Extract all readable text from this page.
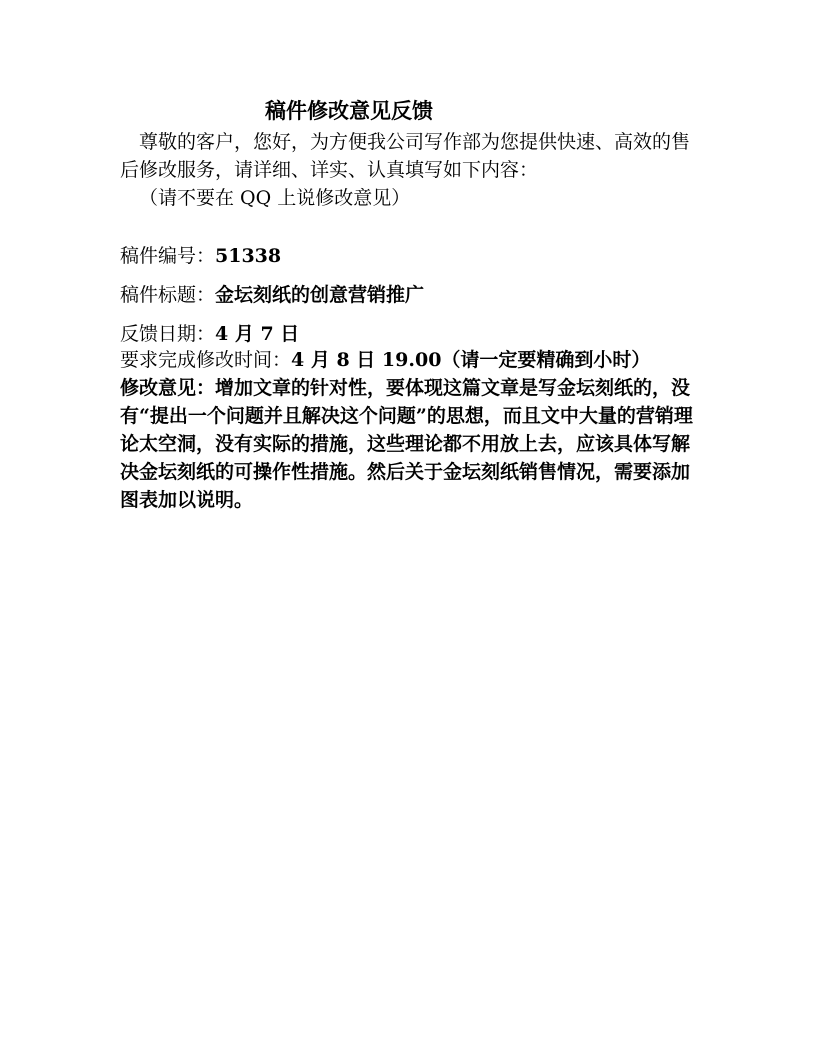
稿件修改意见反馈

尊敬的客户，您好，为方便我公司写作部为您提供快速、高效的售后修改服务，请详细、详实、认真填写如下内容：

（请不要在 QQ 上说修改意见）

稿件编号：51338
稿件标题：金坛刻纸的创意营销推广
反馈日期：4 月 7 日
要求完成修改时间：4 月 8 日 19.00（请一定要精确到小时）
修改意见：增加文章的针对性，要体现这篇文章是写金坛刻纸的，没有“提出一个问题并且解决这个问题”的思想，而且文中大量的营销理论太空洞，没有实际的措施，这些理论都不用放上去，应该具体写解决金坛刻纸的可操作性措施。然后关于金坛刻纸销售情况，需要添加图表加以说明。
